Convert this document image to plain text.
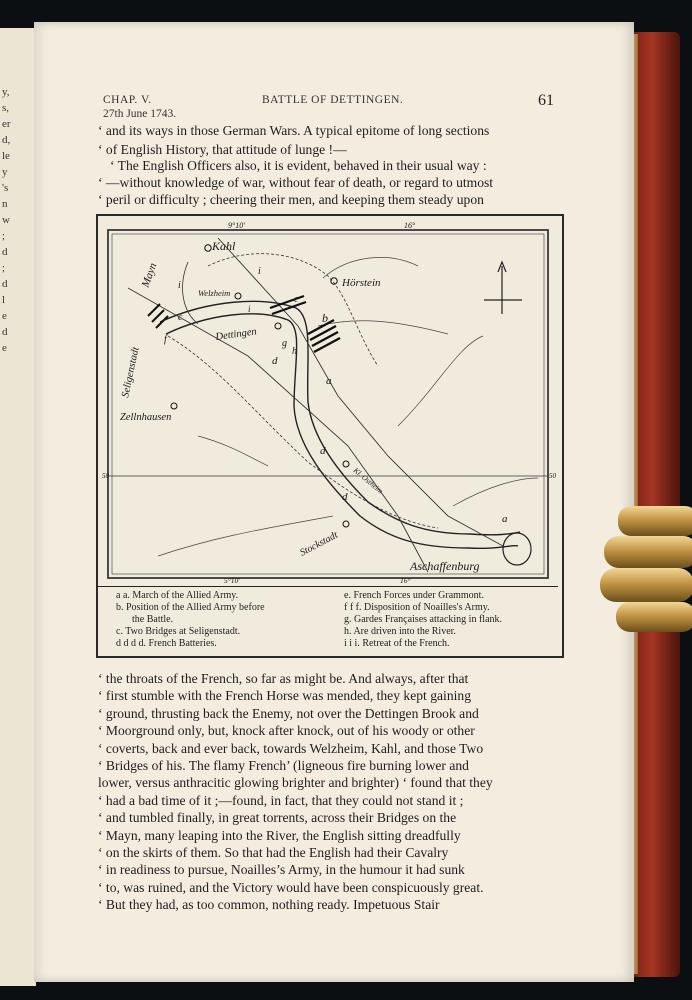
y,
s,
er
d,
le
y
's
n
w
;
d
;
d
l
e
d
e
CHAP. V.	BATTLE OF DETTINGEN.	61
27th June 1743.
‘ and its ways in those German Wars. A typical epitome of long sections
‘ of English History, that attitude of lunge !—
‘ The English Officers also, it is evident, behaved in their usual way :
‘ —without knowledge of war, without fear of death, or regard to utmost
‘ peril or difficulty ; cheering their men, and keeping them steady upon
Kahl
Hörstein
Welzheim
Dettingen
Mayn
Seligenstadt
Zellnhausen
Kl. Ostheim
Stockstadt
Aschaffenburg
a
b
c
d
e
f	g
h
i
a
d
d
i
i
9°10'	16°
5°10'	16°
50	50
a a. March of the Allied Army.
b. Position of the Allied Army before
the Battle.
c. Two Bridges at Seligenstadt.
d d d d. French Batteries.
e. French Forces under Grammont.
f f f. Disposition of Noailles's Army.
g. Gardes Françaises attacking in flank.
h. Are driven into the River.
i i i. Retreat of the French.
‘ the throats of the French, so far as might be. And always, after that
‘ first stumble with the French Horse was mended, they kept gaining
‘ ground, thrusting back the Enemy, not over the Dettingen Brook and
‘ Moorground only, but, knock after knock, out of his woody or other
‘ coverts, back and ever back, towards Welzheim, Kahl, and those Two
‘ Bridges of his. The flamy French’ (ligneous fire burning lower and
lower, versus anthracitic glowing brighter and brighter) ‘ found that they
‘ had a bad time of it ;—found, in fact, that they could not stand it ;
‘ and tumbled finally, in great torrents, across their Bridges on the
‘ Mayn, many leaping into the River, the English sitting dreadfully
‘ on the skirts of them. So that had the English had their Cavalry
‘ in readiness to pursue, Noailles’s Army, in the humour it had sunk
‘ to, was ruined, and the Victory would have been conspicuously great.
‘ But they had, as too common, nothing ready. Impetuous Stair
